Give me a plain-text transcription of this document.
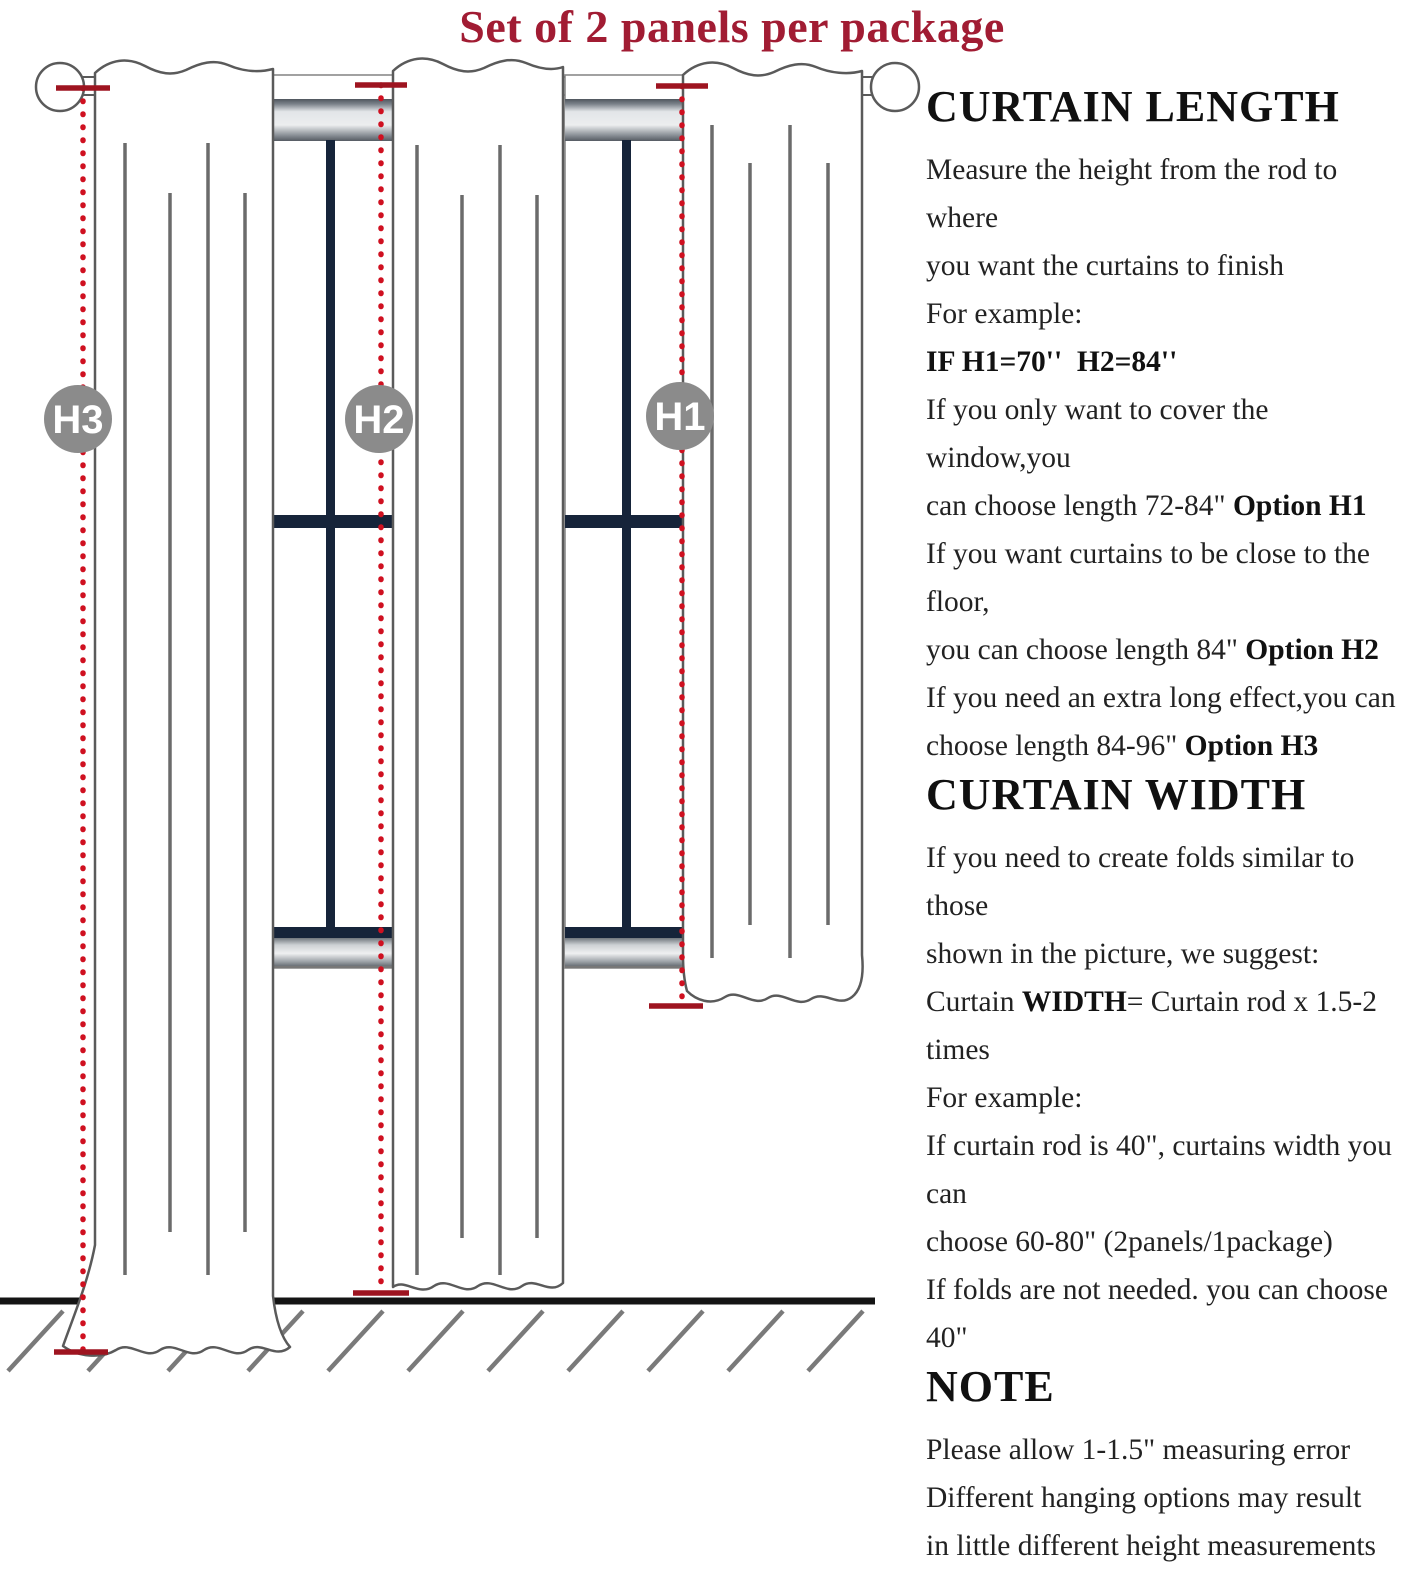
Set of 2 panels per package
H3	H2	H1
CURTAIN LENGTH

Measure the height from the rod to where

you want the curtains to finish

For example:

IF H1=70''  H2=84''

If you only want to cover the window,you

can choose length 72-84" Option H1

If you want curtains to be close to the floor,

you can choose length 84" Option H2

If you need an extra long effect,you can

choose length 84-96" Option H3

CURTAIN WIDTH

If you need to create folds similar to those

shown in the picture, we suggest:

Curtain WIDTH= Curtain rod x 1.5-2 times

For example:

If curtain rod is 40", curtains width you can

choose 60-80" (2panels/1package)

If folds are not needed. you can choose 40"

NOTE

Please allow 1-1.5" measuring error

Different hanging options may result

in little different height measurements
